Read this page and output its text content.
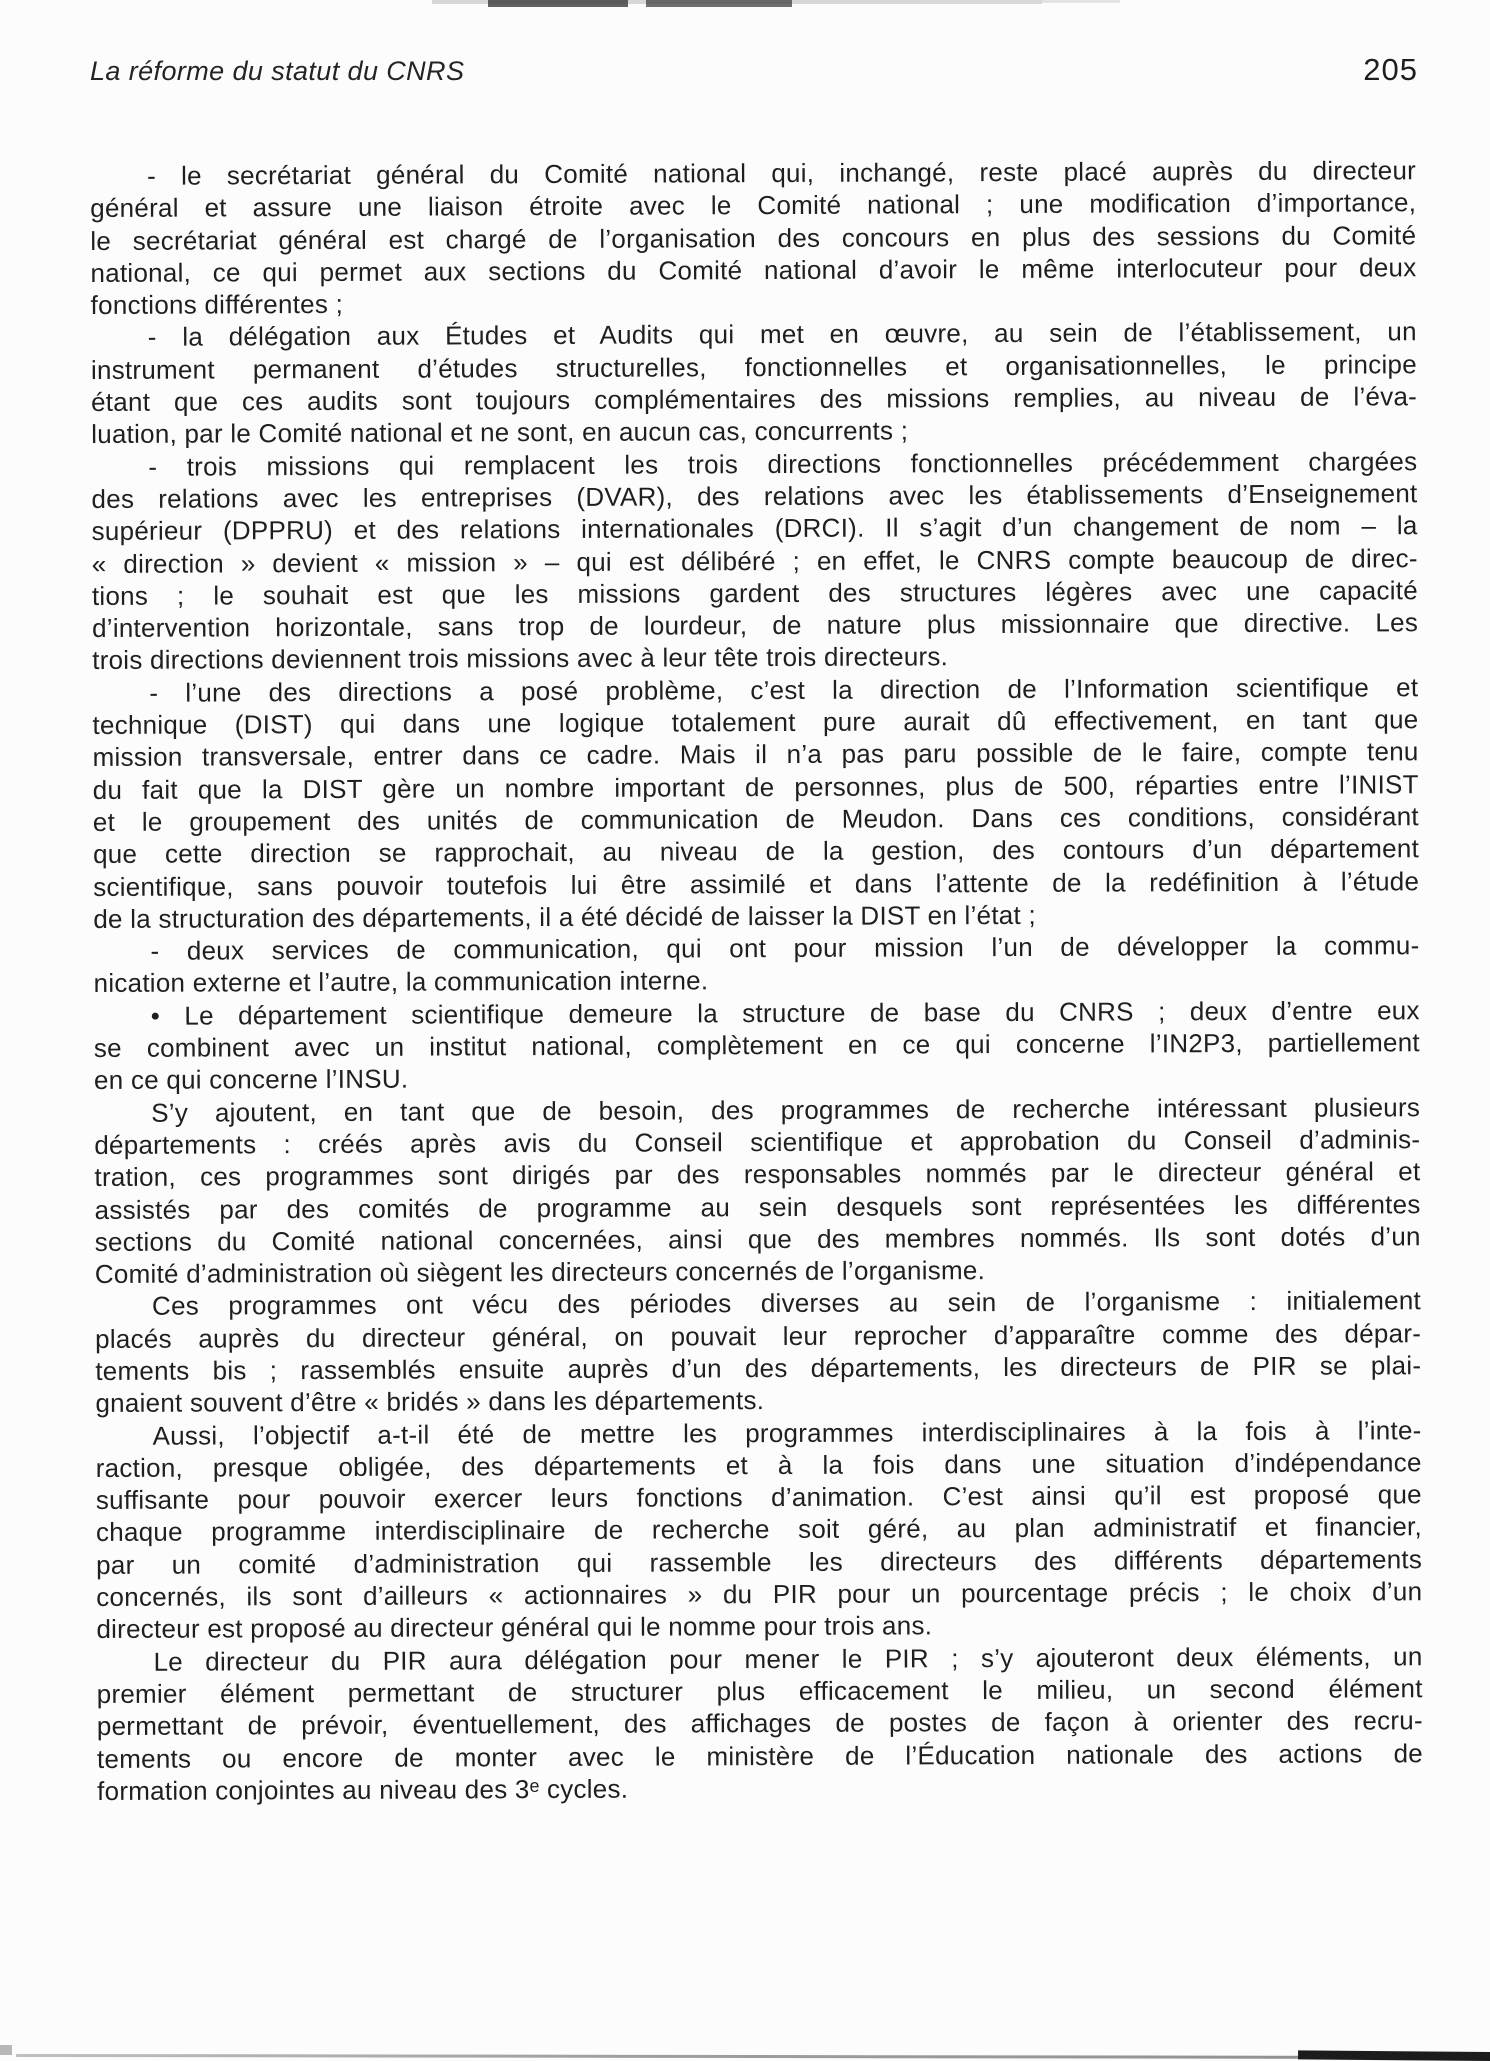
La réforme du statut du CNRS	205
- le secrétariat général du Comité national qui, inchangé, reste placé auprès du directeur
général et assure une liaison étroite avec le Comité national ; une modification d’importance,
le secrétariat général est chargé de l’organisation des concours en plus des sessions du Comité
national, ce qui permet aux sections du Comité national d’avoir le même interlocuteur pour deux
fonctions différentes ;
- la délégation aux Études et Audits qui met en œuvre, au sein de l’établissement, un
instrument permanent d’études structurelles, fonctionnelles et organisationnelles, le principe
étant que ces audits sont toujours complémentaires des missions remplies, au niveau de l’éva-
luation, par le Comité national et ne sont, en aucun cas, concurrents ;
- trois missions qui remplacent les trois directions fonctionnelles précédemment chargées
des relations avec les entreprises (DVAR), des relations avec les établissements d’Enseignement
supérieur (DPPRU) et des relations internationales (DRCI). Il s’agit d’un changement de nom – la
« direction » devient « mission » – qui est délibéré ; en effet, le CNRS compte beaucoup de direc-
tions ; le souhait est que les missions gardent des structures légères avec une capacité
d’intervention horizontale, sans trop de lourdeur, de nature plus missionnaire que directive. Les
trois directions deviennent trois missions avec à leur tête trois directeurs.
- l’une des directions a posé problème, c’est la direction de l’Information scientifique et
technique (DIST) qui dans une logique totalement pure aurait dû effectivement, en tant que
mission transversale, entrer dans ce cadre. Mais il n’a pas paru possible de le faire, compte tenu
du fait que la DIST gère un nombre important de personnes, plus de 500, réparties entre l’INIST
et le groupement des unités de communication de Meudon. Dans ces conditions, considérant
que cette direction se rapprochait, au niveau de la gestion, des contours d’un département
scientifique, sans pouvoir toutefois lui être assimilé et dans l’attente de la redéfinition à l’étude
de la structuration des départements, il a été décidé de laisser la DIST en l’état ;
- deux services de communication, qui ont pour mission l’un de développer la commu-
nication externe et l’autre, la communication interne.
• Le département scientifique demeure la structure de base du CNRS ; deux d’entre eux
se combinent avec un institut national, complètement en ce qui concerne l’IN2P3, partiellement
en ce qui concerne l’INSU.
S’y ajoutent, en tant que de besoin, des programmes de recherche intéressant plusieurs
départements : créés après avis du Conseil scientifique et approbation du Conseil d’adminis-
tration, ces programmes sont dirigés par des responsables nommés par le directeur général et
assistés par des comités de programme au sein desquels sont représentées les différentes
sections du Comité national concernées, ainsi que des membres nommés. Ils sont dotés d’un
Comité d’administration où siègent les directeurs concernés de l’organisme.
Ces programmes ont vécu des périodes diverses au sein de l’organisme : initialement
placés auprès du directeur général, on pouvait leur reprocher d’apparaître comme des dépar-
tements bis ; rassemblés ensuite auprès d’un des départements, les directeurs de PIR se plai-
gnaient souvent d’être « bridés » dans les départements.
Aussi, l’objectif a-t-il été de mettre les programmes interdisciplinaires à la fois à l’inte-
raction, presque obligée, des départements et à la fois dans une situation d’indépendance
suffisante pour pouvoir exercer leurs fonctions d’animation. C’est ainsi qu’il est proposé que
chaque programme interdisciplinaire de recherche soit géré, au plan administratif et financier,
par un comité d’administration qui rassemble les directeurs des différents départements
concernés, ils sont d’ailleurs « actionnaires » du PIR pour un pourcentage précis ; le choix d’un
directeur est proposé au directeur général qui le nomme pour trois ans.
Le directeur du PIR aura délégation pour mener le PIR ; s’y ajouteront deux éléments, un
premier élément permettant de structurer plus efficacement le milieu, un second élément
permettant de prévoir, éventuellement, des affichages de postes de façon à orienter des recru-
tements ou encore de monter avec le ministère de l’Éducation nationale des actions de
formation conjointes au niveau des 3ᵉ cycles.
